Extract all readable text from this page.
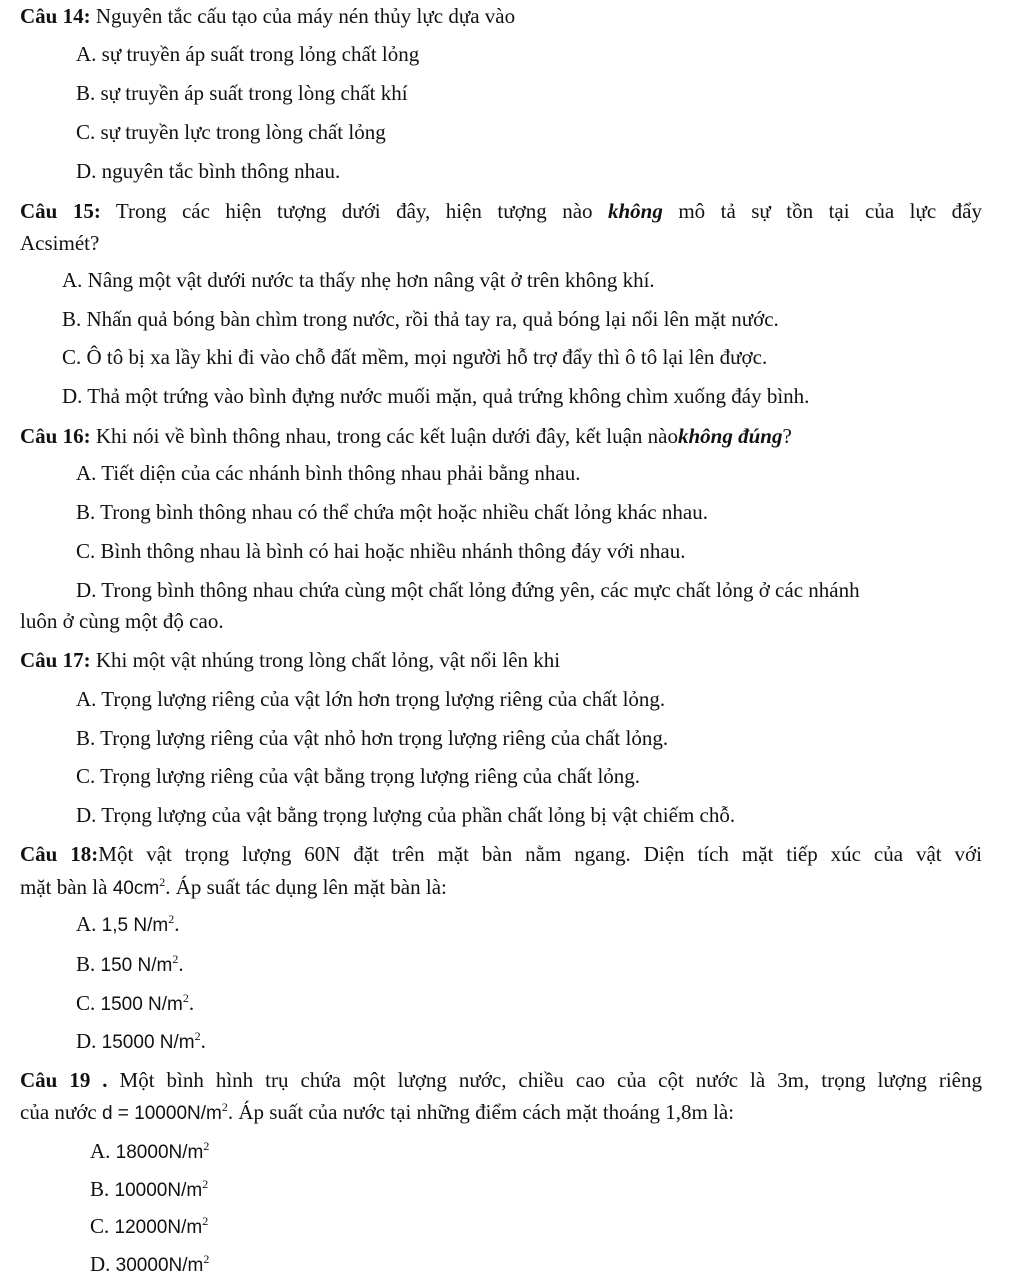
Câu 14: Nguyên tắc cấu tạo của máy nén thủy lực dựa vào
A. sự truyền áp suất trong lỏng chất lỏng
B. sự truyền áp suất trong lòng chất khí
C. sự truyền lực trong lòng chất lỏng
D. nguyên tắc bình thông nhau.
Câu 15: Trong các hiện tượng dưới đây, hiện tượng nào không mô tả sự tồn tại của lực đẩy
Acsimét?
A. Nâng một vật dưới nước ta thấy nhẹ hơn nâng vật ở trên không khí.
B. Nhấn quả bóng bàn chìm trong nước, rồi thả tay ra, quả bóng lại nổi lên mặt nước.
C. Ô tô bị xa lầy khi đi vào chỗ đất mềm, mọi người hỗ trợ đẩy thì ô tô lại lên được.
D. Thả một trứng vào bình đựng nước muối mặn, quả trứng không chìm xuống đáy bình.
Câu 16: Khi nói về bình thông nhau, trong các kết luận dưới đây, kết luận nàokhông đúng?
A. Tiết diện của các nhánh bình thông nhau phải bằng nhau.
B. Trong bình thông nhau có thể chứa một hoặc nhiều chất lỏng khác nhau.
C. Bình thông nhau là bình có hai hoặc nhiều nhánh thông đáy với nhau.
D. Trong bình thông nhau chứa cùng một chất lỏng đứng yên, các mực chất lỏng ở các nhánh
luôn ở cùng một độ cao.
Câu 17: Khi một vật nhúng trong lòng chất lỏng, vật nổi lên khi
A. Trọng lượng riêng của vật lớn hơn trọng lượng riêng của chất lỏng.
B. Trọng lượng riêng của vật nhỏ hơn trọng lượng riêng của chất lỏng.
C. Trọng lượng riêng của vật bằng trọng lượng riêng của chất lỏng.
D. Trọng lượng của vật bằng trọng lượng của phần chất lỏng bị vật chiếm chỗ.
Câu 18:Một vật trọng lượng 60N đặt trên mặt bàn nằm ngang. Diện tích mặt tiếp xúc của vật với
mặt bàn là $40cm^2$. Áp suất tác dụng lên mặt bàn là:
A. 1,5 $N/m^2$.
B. 150 $N/m^2$.
C. 1500 $N/m^2$.
D. 15000 $N/m^2$.
Câu 19 . Một bình hình trụ chứa một lượng nước, chiều cao của cột nước là 3m, trọng lượng riêng
của nước $d = 10000N/m^2$. Áp suất của nước tại những điểm cách mặt thoáng 1,8m là:
A. $18000N/m^2$
B. $10000N/m^2$
C. $12000N/m^2$
D. $30000N/m^2$
